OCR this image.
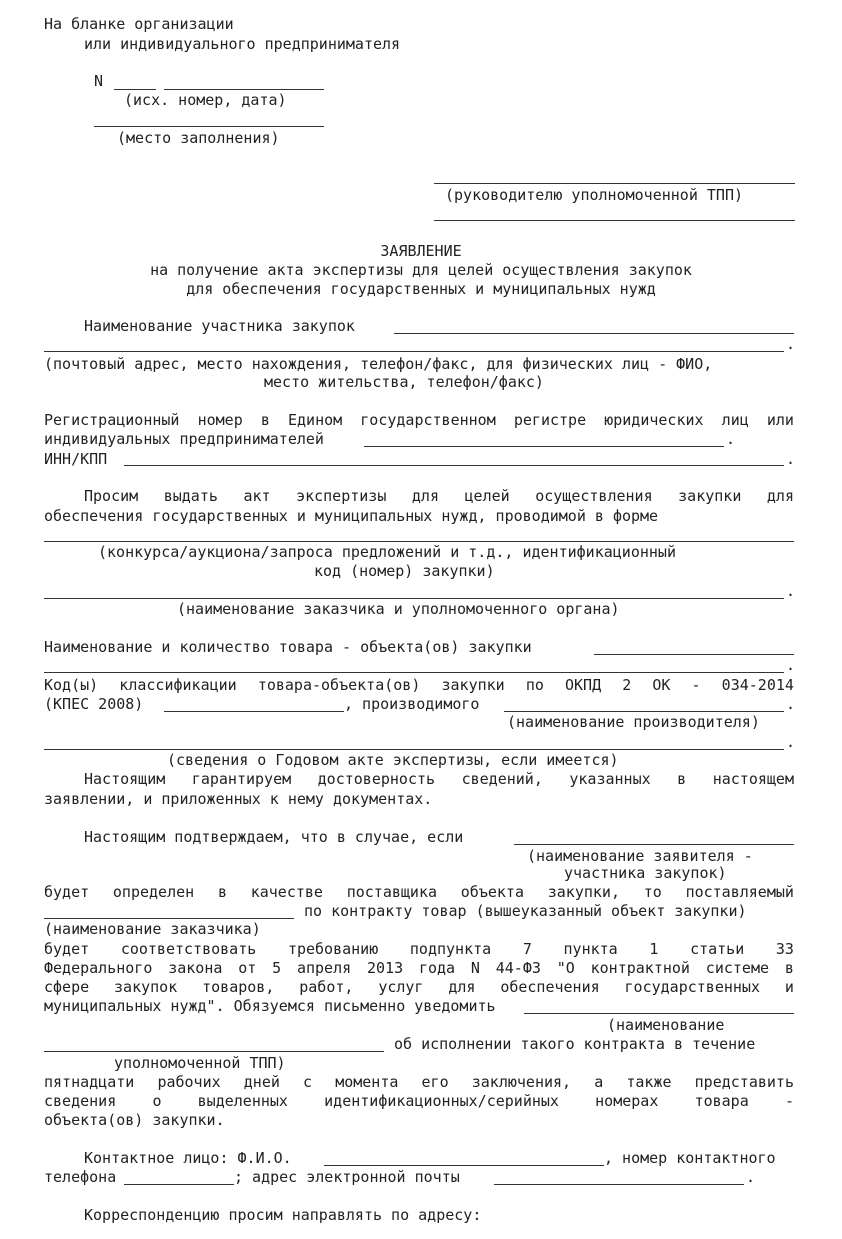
На бланке организации
или индивидуального предпринимателя
N
(исх. номер, дата)
(место заполнения)
(руководителю уполномоченной ТПП)
ЗАЯВЛЕНИЕ
на получение акта экспертизы для целей осуществления закупок
для обеспечения государственных и муниципальных нужд
Наименование участника закупок
.
(почтовый адрес, место нахождения, телефон/факс, для физических лиц - ФИО,
место жительства, телефон/факс)
Регистрационный номер в Едином государственном регистре юридических лиц или
индивидуальных предпринимателей	.
ИНН/КПП	.
Просим выдать акт экспертизы для целей осуществления закупки для
обеспечения государственных и муниципальных нужд, проводимой в форме
(конкурса/аукциона/запроса предложений и т.д., идентификационный
код (номер) закупки)
.
(наименование заказчика и уполномоченного органа)
Наименование и количество товара - объекта(ов) закупки
.
Код(ы) классификации товара-объекта(ов) закупки по ОКПД 2 ОК - 034-2014
(КПЕС 2008)	, производимого	.
(наименование производителя)
.
(сведения о Годовом акте экспертизы, если имеется)
Настоящим гарантируем достоверность сведений, указанных в настоящем
заявлении, и приложенных к нему документах.
Настоящим подтверждаем, что в случае, если
(наименование заявителя -
участника закупок)
будет определен в качестве поставщика объекта закупки, то поставляемый
по контракту товар (вышеуказанный объект закупки)
(наименование заказчика)
будет соответствовать требованию подпункта 7 пункта 1 статьи 33
Федерального закона от 5 апреля 2013 года N 44-ФЗ "О контрактной системе в
сфере закупок товаров, работ, услуг для обеспечения государственных и
муниципальных нужд". Обязуемся письменно уведомить
(наименование
об исполнении такого контракта в течение
уполномоченной ТПП)
пятнадцати рабочих дней с момента его заключения, а также представить
сведения о выделенных идентификационных/серийных номерах товара -
объекта(ов) закупки.
Контактное лицо: Ф.И.О.	, номер контактного
телефона	; адрес электронной почты	.
Корреспонденцию просим направлять по адресу:
